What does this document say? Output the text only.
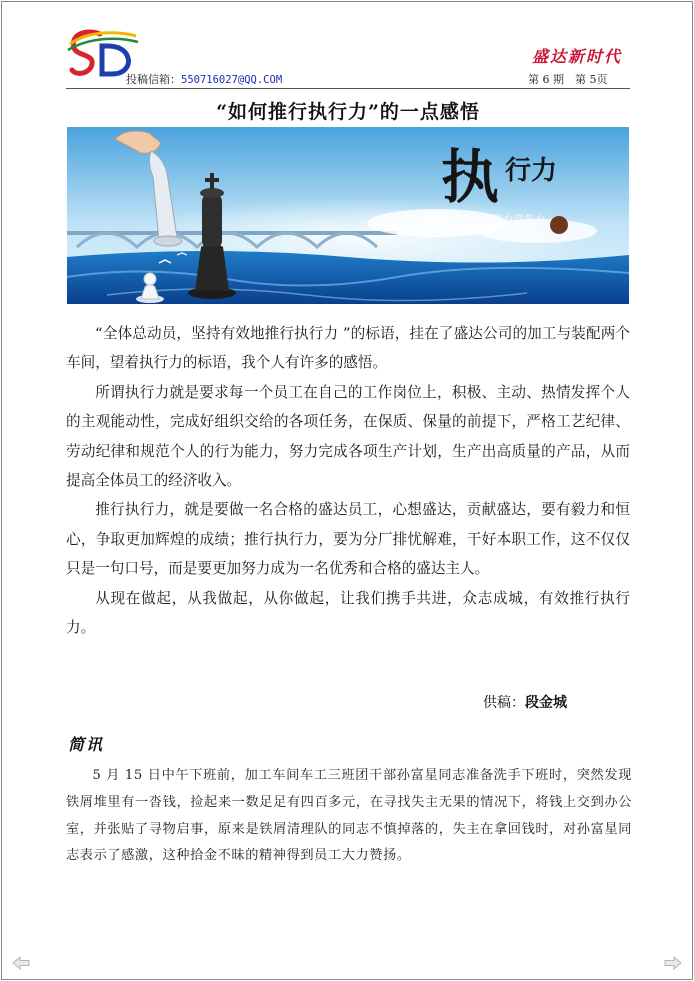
投稿信箱：550716027@QQ.COM
盛达新时代
第 6 期　第 5页
“如何推行执行力”的一点感悟
执 行力
没有执行力　就没有竞争力
There is no execution, there is no competition

“全体总动员，坚持有效地推行执行力 ”的标语，挂在了盛达公司的加工与装配两个车间，望着执行力的标语，我个人有许多的感悟。

所谓执行力就是要求每一个员工在自己的工作岗位上，积极、主动、热情发挥个人的主观能动性，完成好组织交给的各项任务，在保质、保量的前提下，严格工艺纪律、劳动纪律和规范个人的行为能力，努力完成各项生产计划，生产出高质量的产品，从而提高全体员工的经济收入。

推行执行力，就是要做一名合格的盛达员工，心想盛达，贡献盛达，要有毅力和恒心，争取更加辉煌的成绩；推行执行力，要为分厂排忧解难，干好本职工作，这不仅仅只是一句口号，而是要更加努力成为一名优秀和合格的盛达主人。

从现在做起，从我做起，从你做起，让我们携手共进，众志成城，有效推行执行力。

供稿：段金城
简讯

5 月 15 日中午下班前，加工车间车工三班团干部孙富星同志准备洗手下班时，突然发现铁屑堆里有一沓钱，捡起来一数足足有四百多元，在寻找失主无果的情况下，将钱上交到办公室，并张贴了寻物启事，原来是铁屑清理队的同志不慎掉落的，失主在拿回钱时，对孙富星同志表示了感激，这种拾金不昧的精神得到员工大力赞扬。
